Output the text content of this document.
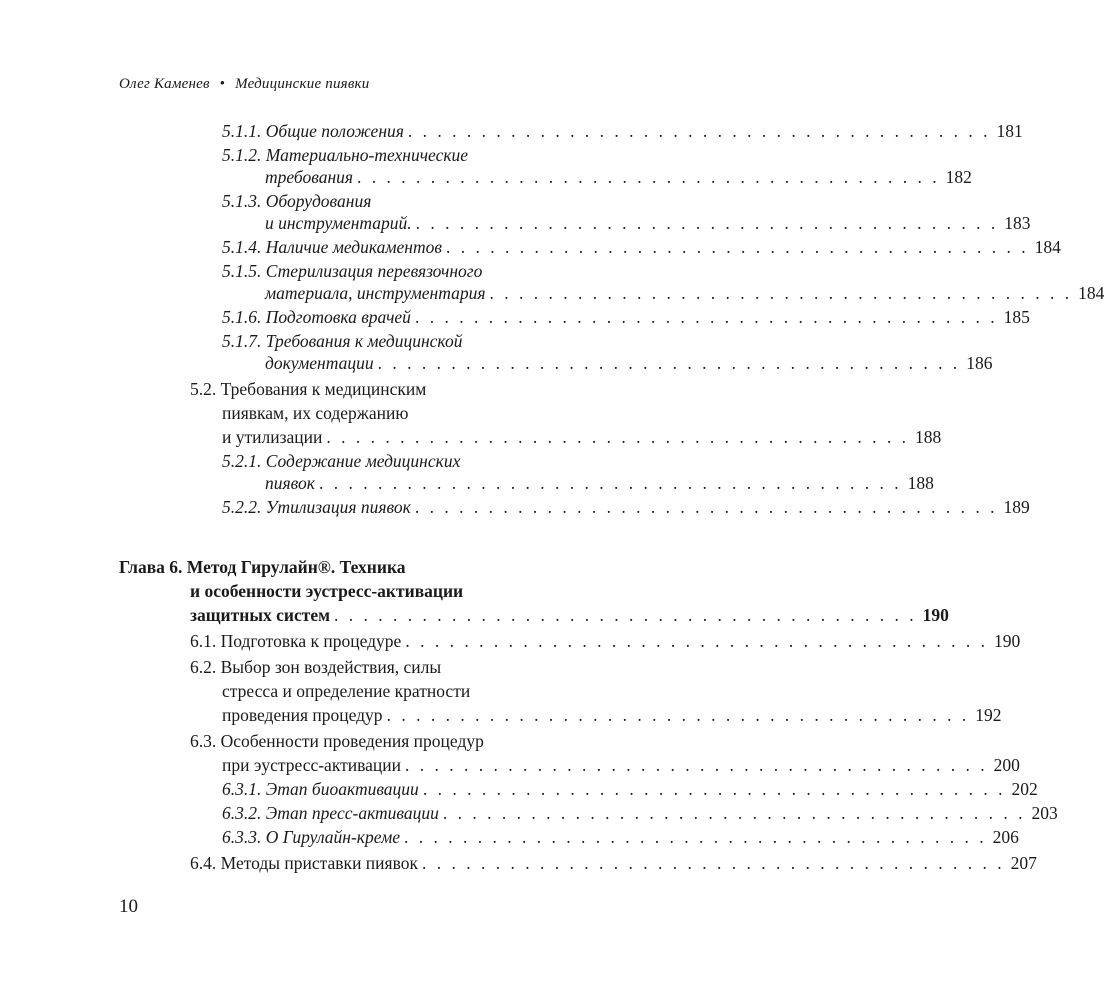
Олег Каменев • Медицинские пиявки
5.1.1. Общие положения . . . . . . . . . . . . . . . . . . . . . . . . . . . . . . . . . . . . . . . . 181
5.1.2. Материально-технические
требования . . . . . . . . . . . . . . . . . . . . . . . . . . . . . . . . . . . . . . . . 182
5.1.3. Оборудования
и инструментарий. . . . . . . . . . . . . . . . . . . . . . . . . . . . . . . . . . . . . . . . . 183
5.1.4. Наличие медикаментов . . . . . . . . . . . . . . . . . . . . . . . . . . . . . . . . . . . . . . . . 184
5.1.5. Стерилизация перевязочного
материала, инструментария . . . . . . . . . . . . . . . . . . . . . . . . . . . . . . . . . . . . . . . . 184
5.1.6. Подготовка врачей . . . . . . . . . . . . . . . . . . . . . . . . . . . . . . . . . . . . . . . . 185
5.1.7. Требования к медицинской
документации . . . . . . . . . . . . . . . . . . . . . . . . . . . . . . . . . . . . . . . . 186
5.2. Требования к медицинским
пиявкам, их содержанию
и утилизации . . . . . . . . . . . . . . . . . . . . . . . . . . . . . . . . . . . . . . . . 188
5.2.1. Содержание медицинских
пиявок . . . . . . . . . . . . . . . . . . . . . . . . . . . . . . . . . . . . . . . . 188
5.2.2. Утилизация пиявок . . . . . . . . . . . . . . . . . . . . . . . . . . . . . . . . . . . . . . . . 189
Глава 6. Метод Гирулайн®. Техника
и особенности эустресс-активации
защитных систем . . . . . . . . . . . . . . . . . . . . . . . . . . . . . . . . . . . . . . . . 190
6.1. Подготовка к процедуре . . . . . . . . . . . . . . . . . . . . . . . . . . . . . . . . . . . . . . . . 190
6.2. Выбор зон воздействия, силы
стресса и определение кратности
проведения процедур . . . . . . . . . . . . . . . . . . . . . . . . . . . . . . . . . . . . . . . . 192
6.3. Особенности проведения процедур
при эустресс-активации . . . . . . . . . . . . . . . . . . . . . . . . . . . . . . . . . . . . . . . . 200
6.3.1. Этап биоактивации . . . . . . . . . . . . . . . . . . . . . . . . . . . . . . . . . . . . . . . . 202
6.3.2. Этап пресс-активации . . . . . . . . . . . . . . . . . . . . . . . . . . . . . . . . . . . . . . . . 203
6.3.3. О Гирулайн-креме . . . . . . . . . . . . . . . . . . . . . . . . . . . . . . . . . . . . . . . . 206
6.4. Методы приставки пиявок . . . . . . . . . . . . . . . . . . . . . . . . . . . . . . . . . . . . . . . . 207
10
